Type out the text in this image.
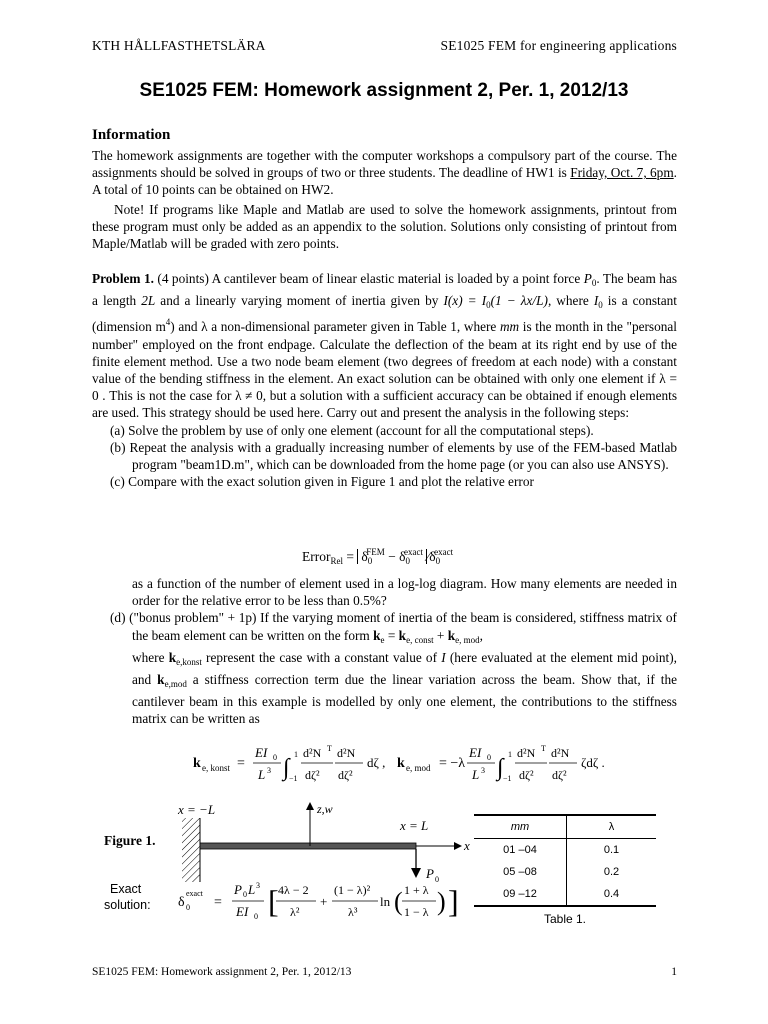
KTH HÅLLFASTHETSLÄRA	SE1025 FEM for engineering applications
SE1025 FEM: Homework assignment 2, Per. 1, 2012/13
Information

The homework assignments are together with the computer workshops a compulsory part of the course. The assignments should be solved in groups of two or three students. The deadline of HW1 is Friday, Oct. 7, 6pm. A total of 10 points can be obtained on HW2.

Note! If programs like Maple and Matlab are used to solve the homework assignments, printout from these program must only be added as an appendix to the solution. Solutions only consisting of printout from Maple/Matlab will be graded with zero points.

Problem 1. (4 points) A cantilever beam of linear elastic material is loaded by a point force $P_0$. The beam has a length 2L and a linearly varying moment of inertia given by $I(x) = I_0(1 - \lambda x/L)$, where $I_0$ is a constant (dimension $m^4$) and λ a non-dimensional parameter given in Table 1, where mm is the month in the "personal number" employed on the front endpage. Calculate the deflection of the beam at its right end by use of the finite element method. Use a two node beam element (two degrees of freedom at each node) with a constant value of the bending stiffness in the element. An exact solution can be obtained with only one element if λ = 0 . This is not the case for λ ≠ 0, but a solution with a sufficient accuracy can be obtained if enough elements are used. This strategy should be used here. Carry out and present the analysis in the following steps:

(a) Solve the problem by use of only one element (account for all the computational steps).

(b) Repeat the analysis with a gradually increasing number of elements by use of the FEM-based Matlab program "beam1D.m", which can be downloaded from the home page (or you can also use ANSYS).

(c) Compare with the exact solution given in Figure 1 and plot the relative error

Error$_{Rel}$ = $\delta_0^{FEM} - \delta_0^{exact}$ $⁄\delta_0^{exact}$

as a function of the number of element used in a log-log diagram. How many elements are needed in order for the relative error to be less than 0.5%?

(d) ("bonus problem" + 1p) If the varying moment of inertia of the beam is considered, stiffness matrix of the beam element can be written on the form $k_e = k_{e, const} + k_{e, mod}$,

where $k_{e,konst}$ represent the case with a constant value of I (here evaluated at the element mid point), and $k_{e,mod}$ a stiffness correction term due the linear variation across the beam. Show that, if the cantilever beam in this example is modelled by only one element, the contributions to the stiffness matrix can be written as

k e, konst =
EI 0
L 3 ∫
1
−1
d²N T
dζ²
d²N
dζ²
dζ , k e, mod = −λ
EI 0
L 3 ∫
1
−1
d²N T
dζ²
d²N
dζ²
ζdζ .
Figure 1.
x = −L	z,w
x
x = L
P 0
Exact
solution: δ 0
exact
=
P 0 L 3
EI 0 [ 4λ − 2
λ²
+
(1 − λ)²
λ³
ln ( 1 + λ
1 − λ ) ]
mm	λ
01 –04	0.1
05 –08	0.2
09 –12	0.4
Table 1.
SE1025 FEM: Homework assignment 2, Per. 1, 2012/13	1
